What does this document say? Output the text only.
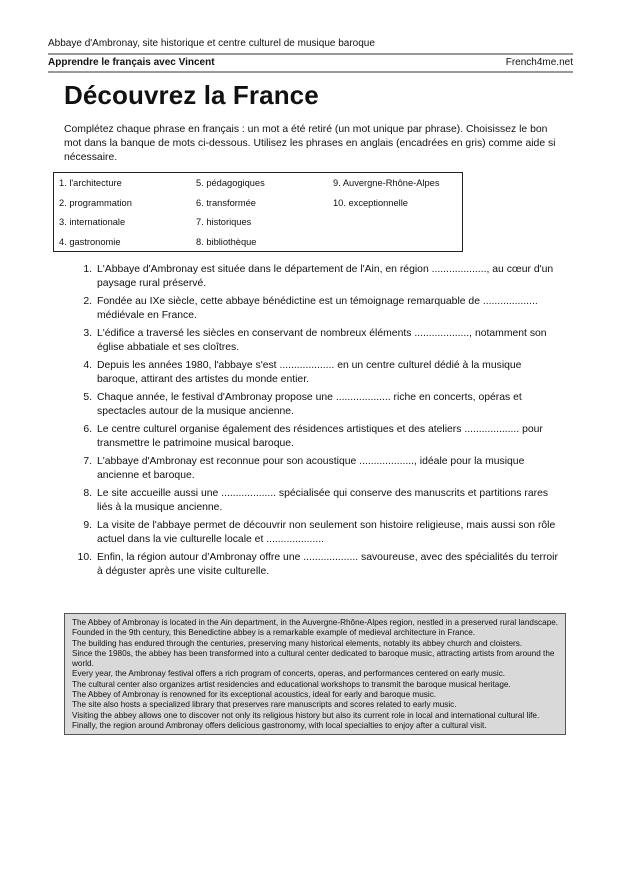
Abbaye d'Ambronay, site historique et centre culturel de musique baroque
Apprendre le français avec Vincent	French4me.net
Découvrez la France
Complétez chaque phrase en français : un mot a été retiré (un mot unique par phrase). Choisissez le bon mot dans la banque de mots ci-dessous. Utilisez les phrases en anglais (encadrées en gris) comme aide si nécessaire.
1. l'architecture
2. programmation
3. internationale
4. gastronomie
5. pédagogiques
6. transformée
7. historiques
8. bibliothèque
9. Auvergne-Rhône-Alpes
10. exceptionnelle
1. L'Abbaye d'Ambronay est située dans le département de l'Ain, en région ..................., au cœur d'un paysage rural préservé.
2. Fondée au IXe siècle, cette abbaye bénédictine est un témoignage remarquable de ................... médiévale en France.
3. L'édifice a traversé les siècles en conservant de nombreux éléments ..................., notamment son église abbatiale et ses cloîtres.
4. Depuis les années 1980, l'abbaye s'est ................... en un centre culturel dédié à la musique baroque, attirant des artistes du monde entier.
5. Chaque année, le festival d'Ambronay propose une ................... riche en concerts, opéras et spectacles autour de la musique ancienne.
6. Le centre culturel organise également des résidences artistiques et des ateliers ................... pour transmettre le patrimoine musical baroque.
7. L'abbaye d'Ambronay est reconnue pour son acoustique ..................., idéale pour la musique ancienne et baroque.
8. Le site accueille aussi une ................... spécialisée qui conserve des manuscrits et partitions rares liés à la musique ancienne.
9. La visite de l'abbaye permet de découvrir non seulement son histoire religieuse, mais aussi son rôle actuel dans la vie culturelle locale et ....................
10. Enfin, la région autour d'Ambronay offre une ................... savoureuse, avec des spécialités du terroir à déguster après une visite culturelle.
The Abbey of Ambronay is located in the Ain department, in the Auvergne-Rhône-Alpes region, nestled in a preserved rural landscape.
Founded in the 9th century, this Benedictine abbey is a remarkable example of medieval architecture in France.
The building has endured through the centuries, preserving many historical elements, notably its abbey church and cloisters.
Since the 1980s, the abbey has been transformed into a cultural center dedicated to baroque music, attracting artists from around the world.
Every year, the Ambronay festival offers a rich program of concerts, operas, and performances centered on early music.
The cultural center also organizes artist residencies and educational workshops to transmit the baroque musical heritage.
The Abbey of Ambronay is renowned for its exceptional acoustics, ideal for early and baroque music.
The site also hosts a specialized library that preserves rare manuscripts and scores related to early music.
Visiting the abbey allows one to discover not only its religious history but also its current role in local and international cultural life.
Finally, the region around Ambronay offers delicious gastronomy, with local specialties to enjoy after a cultural visit.
